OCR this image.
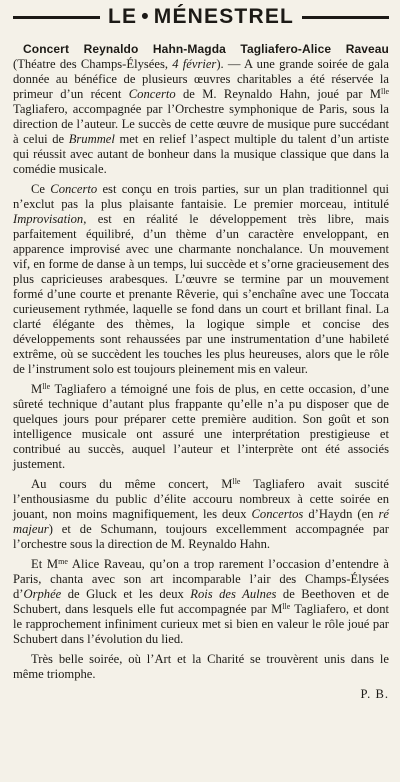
LE • MÉNESTREL

Concert Reynaldo Hahn-Magda Tagliafero-Alice Raveau (Théatre des Champs-Élysées, 4 février). — A une grande soirée de gala donnée au bénéfice de plusieurs œuvres charitables a été réservée la primeur d’un récent Concerto de M. Reynaldo Hahn, joué par $M^{lle}$ Tagliafero, accompagnée par l’Orchestre symphonique de Paris, sous la direction de l’auteur. Le succès de cette œuvre de musique pure succédant à celui de Brummel met en relief l’aspect multiple du talent d’un artiste qui réussit avec autant de bonheur dans la musique classique que dans la comédie musicale.

Ce Concerto est conçu en trois parties, sur un plan traditionnel qui n’exclut pas la plus plaisante fantaisie. Le premier morceau, intitulé Improvisation, est en réalité le développement très libre, mais parfaitement équilibré, d’un thème d’un caractère enveloppant, en apparence improvisé avec une charmante nonchalance. Un mouvement vif, en forme de danse à un temps, lui succède et s’orne gracieusement des plus capricieuses arabesques. L’œuvre se termine par un mouvement formé d’une courte et prenante Rêverie, qui s’enchaîne avec une Toccata curieusement rythmée, laquelle se fond dans un court et brillant final. La clarté élégante des thèmes, la logique simple et concise des développements sont rehaussées par une instrumentation d’une habileté extrême, où se succèdent les touches les plus heureuses, alors que le rôle de l’instrument solo est toujours pleinement mis en valeur.

$M^{lle}$ Tagliafero a témoigné une fois de plus, en cette occasion, d’une sûreté technique d’autant plus frappante qu’elle n’a pu disposer que de quelques jours pour préparer cette première audition. Son goût et son intelligence musicale ont assuré une interprétation prestigieuse et contribué au succès, auquel l’auteur et l’interprète ont été associés justement.

Au cours du même concert, $M^{lle}$ Tagliafero avait suscité l’enthousiasme du public d’élite accouru nombreux à cette soirée en jouant, non moins magnifiquement, les deux Concertos d’Haydn (en ré majeur) et de Schumann, toujours excellemment accompagnée par l’orchestre sous la direction de M. Reynaldo Hahn.

Et $M^{me}$ Alice Raveau, qu’on a trop rarement l’occasion d’entendre à Paris, chanta avec son art incomparable l’air des Champs-Élysées d’Orphée de Gluck et les deux Rois des Aulnes de Beethoven et de Schubert, dans lesquels elle fut accompagnée par $M^{lle}$ Tagliafero, et dont le rapprochement infiniment curieux met si bien en valeur le rôle joué par Schubert dans l’évolution du lied.

Très belle soirée, où l’Art et la Charité se trouvèrent unis dans le même triomphe.

P. B.
